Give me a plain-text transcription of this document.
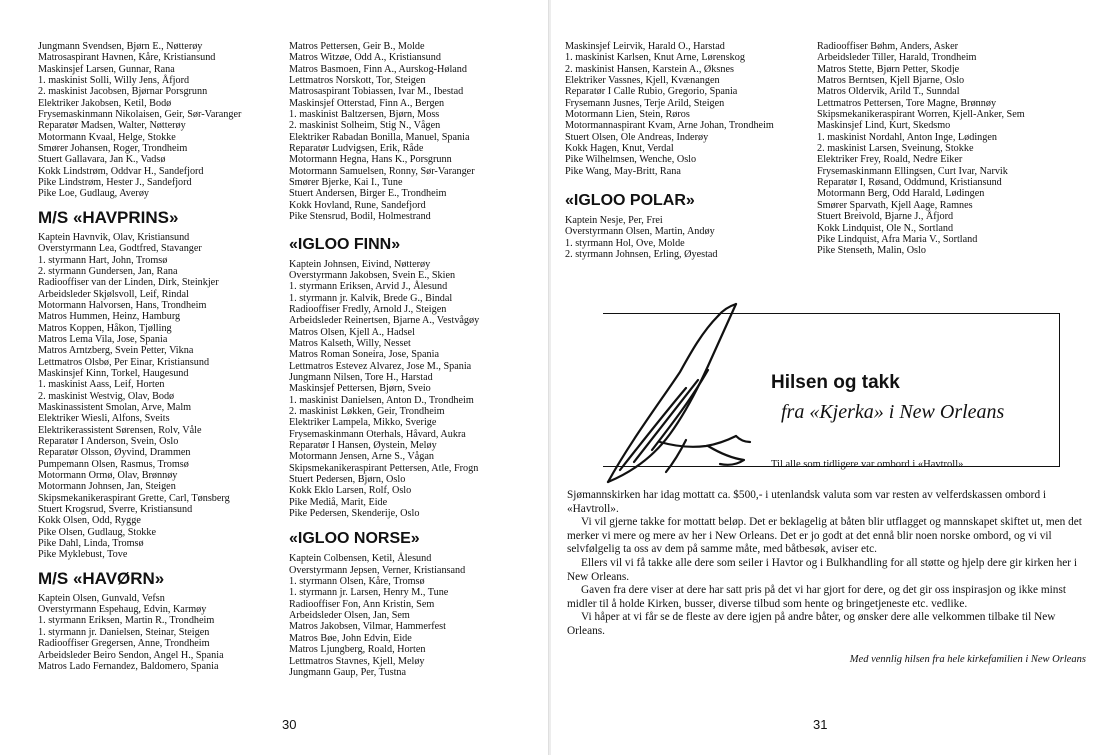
Jungmann Svendsen, Bjørn E., Nøtterøy
Matrosaspirant Havnen, Kåre, Kristiansund
Maskinsjef Larsen, Gunnar, Rana
1. maskinist Solli, Willy Jens, Åfjord
2. maskinist Jacobsen, Bjørnar Porsgrunn
Elektriker Jakobsen, Ketil, Bodø
Frysemaskinmann Nikolaisen, Geir, Sør-Varanger
Reparatør Madsen, Walter, Nøtterøy
Motormann Kvaal, Helge, Stokke
Smører Johansen, Roger, Trondheim
Stuert Gallavara, Jan K., Vadsø
Kokk Lindstrøm, Oddvar H., Sandefjord
Pike Lindstrøm, Hester J., Sandefjord
Pike Loe, Gudlaug, Averøy
M/S «HAVPRINS»
Kaptein Havnvik, Olav, Kristiansund
Overstyrmann Lea, Godtfred, Stavanger
1. styrmann Hart, John, Tromsø
2. styrmann Gundersen, Jan, Rana
Radiooffiser van der Linden, Dirk, Steinkjer
Arbeidsleder Skjølsvoll, Leif, Rindal
Motormann Halvorsen, Hans, Trondheim
Matros Hummen, Heinz, Hamburg
Matros Koppen, Håkon, Tjølling
Matros Lema Vila, Jose, Spania
Matros Arntzberg, Svein Petter, Vikna
Lettmatros Olsbø, Per Einar, Kristiansund
Maskinsjef Kinn, Torkel, Haugesund
1. maskinist Aass, Leif, Horten
2. maskinist Westvig, Olav, Bodø
Maskinassistent Smolan, Arve, Malm
Elektriker Wiesli, Alfons, Sveits
Elektrikerassistent Sørensen, Rolv, Våle
Reparatør I Anderson, Svein, Oslo
Reparatør Olsson, Øyvind, Drammen
Pumpemann Olsen, Rasmus, Tromsø
Motormann Ormø, Olav, Brønnøy
Motormann Johnsen, Jan, Steigen
Skipsmekanikeraspirant Grette, Carl, Tønsberg
Stuert Krogsrud, Sverre, Kristiansund
Kokk Olsen, Odd, Rygge
Pike Olsen, Gudlaug, Stokke
Pike Dahl, Linda, Tromsø
Pike Myklebust, Tove
M/S «HAVØRN»
Kaptein Olsen, Gunvald, Vefsn
Overstyrmann Espehaug, Edvin, Karmøy
1. styrmann Eriksen, Martin R., Trondheim
1. styrmann jr. Danielsen, Steinar, Steigen
Radiooffiser Gregersen, Anne, Trondheim
Arbeidsleder Beiro Sendon, Angel H., Spania
Matros Lado Fernandez, Baldomero, Spania
Matros Pettersen, Geir B., Molde
Matros Witzøe, Odd A., Kristiansund
Matros Basmoen, Finn A., Aurskog-Høland
Lettmatros Norskott, Tor, Steigen
Matrosaspirant Tobiassen, Ivar M., Ibestad
Maskinsjef Otterstad, Finn A., Bergen
1. maskinist Baltzersen, Bjørn, Moss
2. maskinist Solheim, Stig N., Vågen
Elektriker Rabadan Bonilla, Manuel, Spania
Reparatør Ludvigsen, Erik, Råde
Motormann Hegna, Hans K., Porsgrunn
Motormann Samuelsen, Ronny, Sør-Varanger
Smører Bjerke, Kai I., Tune
Stuert Andersen, Birger E., Trondheim
Kokk Hovland, Rune, Sandefjord
Pike Stensrud, Bodil, Holmestrand
«IGLOO FINN»
Kaptein Johnsen, Eivind, Nøtterøy
Overstyrmann Jakobsen, Svein E., Skien
1. styrmann Eriksen, Arvid J., Ålesund
1. styrmann jr. Kalvik, Brede G., Bindal
Radiooffiser Fredly, Arnold J., Steigen
Arbeidsleder Reinertsen, Bjarne A., Vestvågøy
Matros Olsen, Kjell A., Hadsel
Matros Kalseth, Willy, Nesset
Matros Roman Soneira, Jose, Spania
Lettmatros Estevez Alvarez, Jose M., Spania
Jungmann Nilsen, Tore H., Harstad
Maskinsjef Pettersen, Bjørn, Sveio
1. maskinist Danielsen, Anton D., Trondheim
2. maskinist Løkken, Geir, Trondheim
Elektriker Lampela, Mikko, Sverige
Frysemaskinmann Oterhals, Håvard, Aukra
Reparatør I Hansen, Øystein, Meløy
Motormann Jensen, Arne S., Vågan
Skipsmekanikeraspirant Pettersen, Atle, Frogn
Stuert Pedersen, Bjørn, Oslo
Kokk Eklo Larsen, Rolf, Oslo
Pike Mediå, Marit, Eide
Pike Pedersen, Skenderije, Oslo
«IGLOO NORSE»
Kaptein Colbensen, Ketil, Ålesund
Overstyrmann Jepsen, Verner, Kristiansand
1. styrmann Olsen, Kåre, Tromsø
1. styrmann jr. Larsen, Henry M., Tune
Radiooffiser Fon, Ann Kristin, Sem
Arbeidsleder Olsen, Jan, Sem
Matros Jakobsen, Vilmar, Hammerfest
Matros Bøe, John Edvin, Eide
Matros Ljungberg, Roald, Horten
Lettmatros Stavnes, Kjell, Meløy
Jungmann Gaup, Per, Tustna
30
Maskinsjef Leirvik, Harald O., Harstad
1. maskinist Karlsen, Knut Arne, Lørenskog
2. maskinist Hansen, Karstein A., Øksnes
Elektriker Vassnes, Kjell, Kvænangen
Reparatør I Calle Rubio, Gregorio, Spania
Frysemann Jusnes, Terje Arild, Steigen
Motormann Lien, Stein, Røros
Motormannaspirant Kvam, Arne Johan, Trondheim
Stuert Olsen, Ole Andreas, Inderøy
Kokk Hagen, Knut, Verdal
Pike Wilhelmsen, Wenche, Oslo
Pike Wang, May-Britt, Rana
«IGLOO POLAR»
Kaptein Nesje, Per, Frei
Overstyrmann Olsen, Martin, Andøy
1. styrmann Hol, Ove, Molde
2. styrmann Johnsen, Erling, Øyestad
Radiooffiser Bøhm, Anders, Asker
Arbeidsleder Tiller, Harald, Trondheim
Matros Stette, Bjørn Petter, Skodje
Matros Berntsen, Kjell Bjarne, Oslo
Matros Oldervik, Arild T., Sunndal
Lettmatros Pettersen, Tore Magne, Brønnøy
Skipsmekanikeraspirant Worren, Kjell-Anker, Sem
Maskinsjef Lind, Kurt, Skedsmo
1. maskinist Nordahl, Anton Inge, Lødingen
2. maskinist Larsen, Sveinung, Stokke
Elektriker Frey, Roald, Nedre Eiker
Frysemaskinmann Ellingsen, Curt Ivar, Narvik
Reparatør I, Røsand, Oddmund, Kristiansund
Motormann Berg, Odd Harald, Lødingen
Smører Sparvath, Kjell Aage, Ramnes
Stuert Breivold, Bjarne J., Åfjord
Kokk Lindquist, Ole N., Sortland
Pike Lindquist, Afra Maria V., Sortland
Pike Stenseth, Malin, Oslo
Hilsen og takk
fra «Kjerka» i New Orleans
Til alle som tidligere var ombord i «Havtroll»

Sjømannskirken har idag mottatt ca. $500,- i utenlandsk valuta som var resten av velferdskassen ombord i «Havtroll».

Vi vil gjerne takke for mottatt beløp. Det er beklagelig at båten blir utflagget og mannskapet skiftet ut, men det merker vi mere og mere av her i New Orleans. Det er jo godt at det ennå blir noen norske ombord, og vi vil selvfølgelig ta oss av dem på samme måte, med båtbesøk, aviser etc.

Ellers vil vi få takke alle dere som seiler i Havtor og i Bulkhandling for all støtte og hjelp dere gir kirken her i New Orleans.

Gaven fra dere viser at dere har satt pris på det vi har gjort for dere, og det gir oss inspirasjon og ikke minst midler til å holde Kirken, busser, diverse tilbud som hente og bringetjeneste etc. vedlike.

Vi håper at vi får se de fleste av dere igjen på andre båter, og ønsker dere alle velkommen tilbake til New Orleans.

Med vennlig hilsen fra hele kirkefamilien i New Orleans
31
